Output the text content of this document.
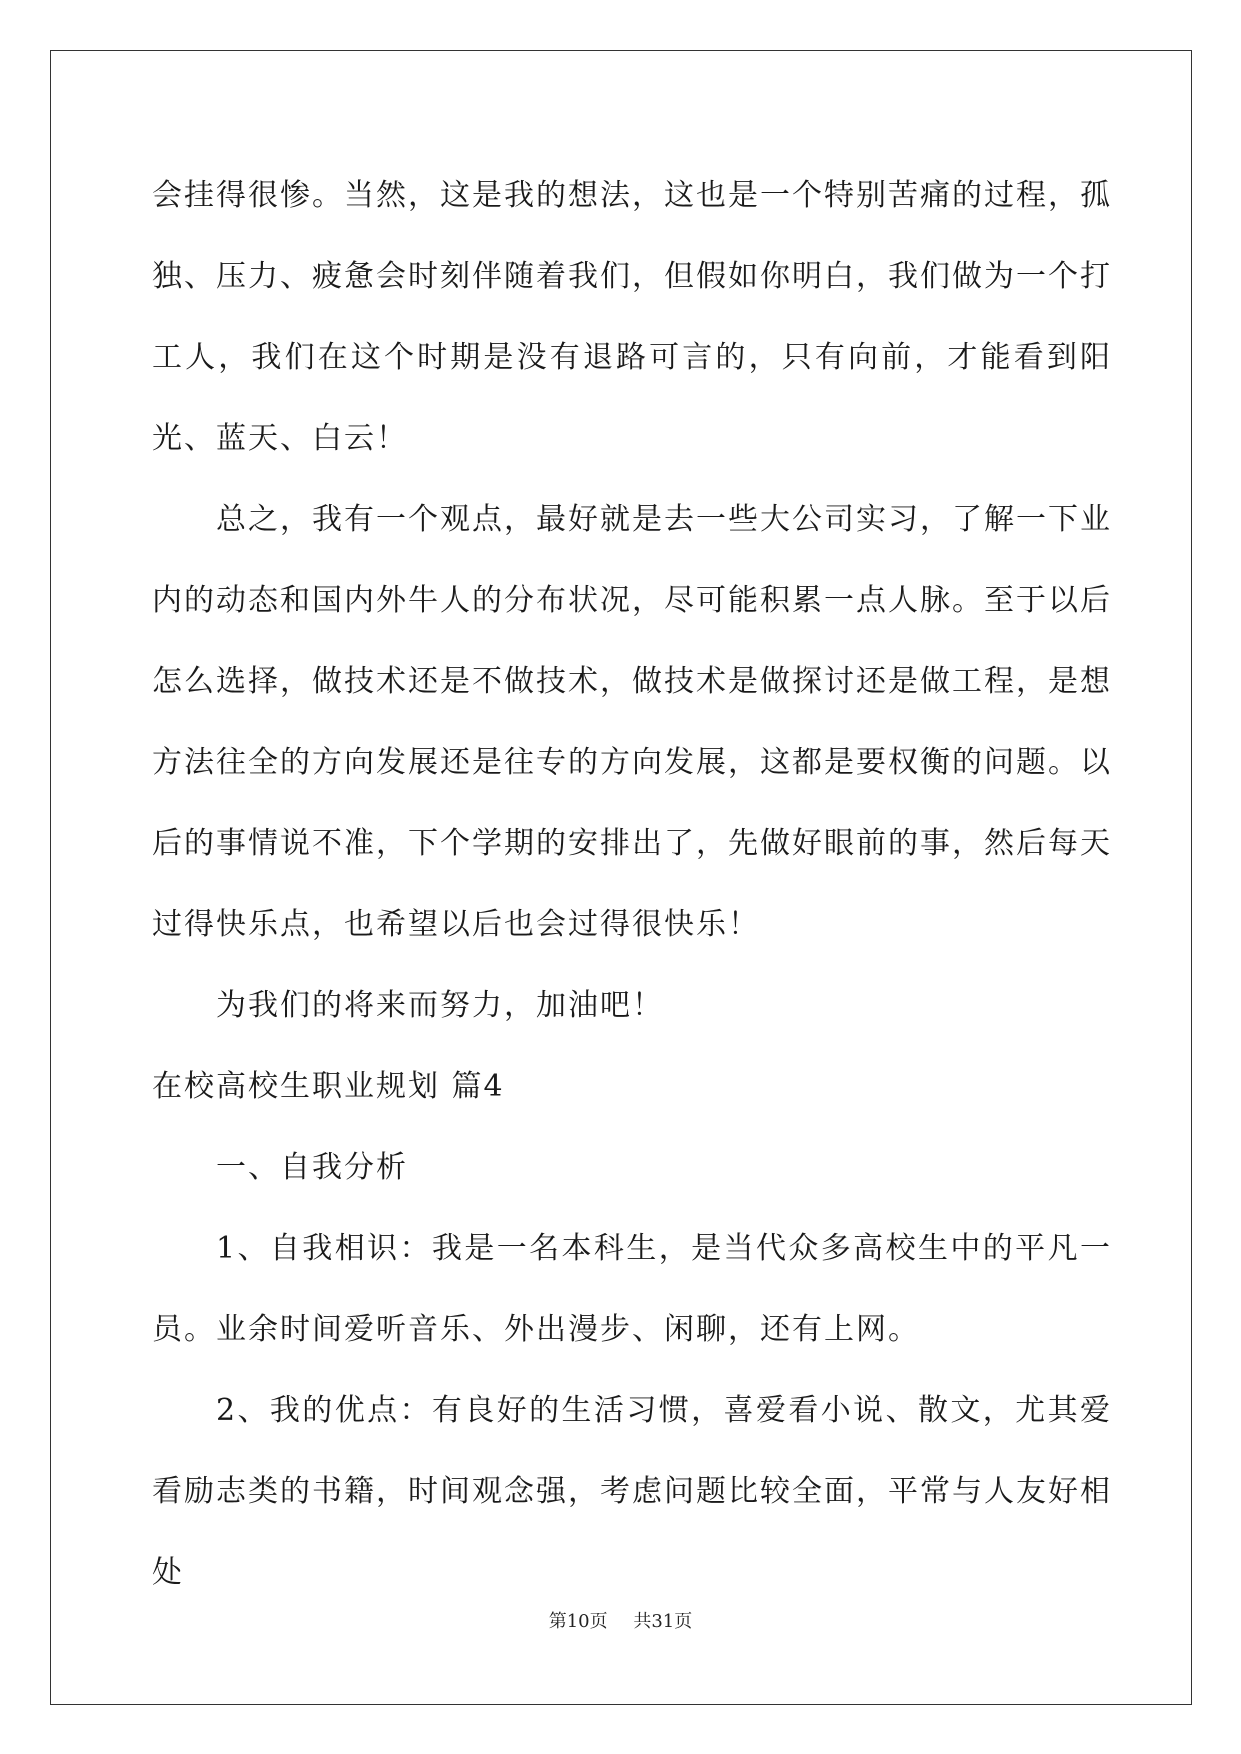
会挂得很惨。当然，这是我的想法，这也是一个特别苦痛的过程，孤独、压力、疲惫会时刻伴随着我们，但假如你明白，我们做为一个打工人，我们在这个时期是没有退路可言的，只有向前，才能看到阳光、蓝天、白云！

总之，我有一个观点，最好就是去一些大公司实习，了解一下业内的动态和国内外牛人的分布状况，尽可能积累一点人脉。至于以后怎么选择，做技术还是不做技术，做技术是做探讨还是做工程，是想方法往全的方向发展还是往专的方向发展，这都是要权衡的问题。以后的事情说不准，下个学期的安排出了，先做好眼前的事，然后每天过得快乐点，也希望以后也会过得很快乐！

为我们的将来而努力，加油吧！

在校高校生职业规划 篇4

一、自我分析

1、自我相识：我是一名本科生，是当代众多高校生中的平凡一员。业余时间爱听音乐、外出漫步、闲聊，还有上网。

2、我的优点：有良好的生活习惯，喜爱看小说、散文，尤其爱看励志类的书籍，时间观念强，考虑问题比较全面，平常与人友好相处

第10页 共31页
